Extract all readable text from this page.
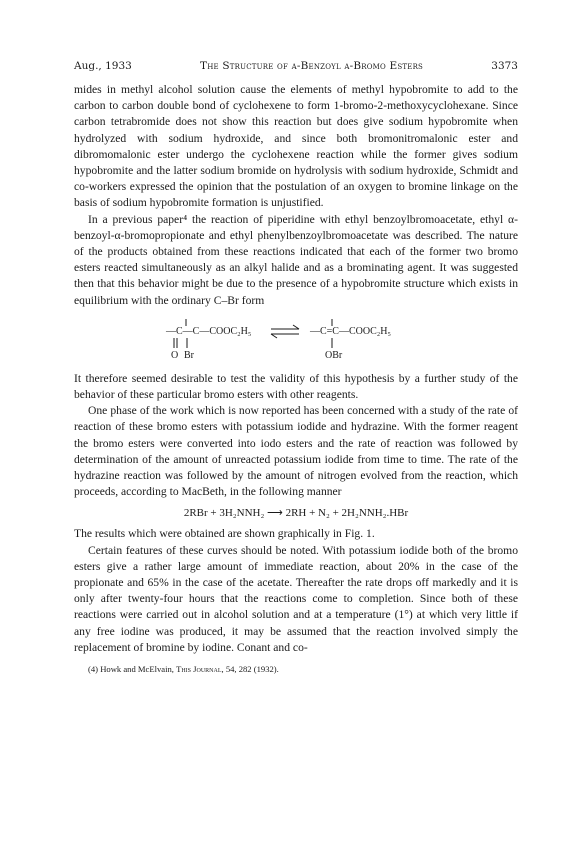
Aug., 1933	The Structure of α-Benzoyl α-Bromo Esters	3373

mides in methyl alcohol solution cause the elements of methyl hypobromite to add to the carbon to carbon double bond of cyclohexene to form 1-bromo-2-methoxycyclohexane. Since carbon tetrabromide does not show this reaction but does give sodium hypobromite when hydrolyzed with sodium hydroxide, and since both bromonitromalonic ester and dibromomalonic ester undergo the cyclohexene reaction while the former gives sodium hypobromite and the latter sodium bromide on hydrolysis with sodium hydroxide, Schmidt and co-workers expressed the opinion that the postulation of an oxygen to bromine linkage on the basis of sodium hypobromite formation is unjustified.

In a previous paper⁴ the reaction of piperidine with ethyl benzoylbromoacetate, ethyl α-benzoyl-α-bromopropionate and ethyl phenylbenzoylbromoacetate was described. The nature of the products obtained from these reactions indicated that each of the former two bromo esters reacted simultaneously as an alkyl halide and as a brominating agent. It was suggested then that this behavior might be due to the presence of a hypobromite structure which exists in equilibrium with the ordinary C–Br form

—C—C—COOC₂H₅
O Br
—C=C—COOC₂H₅
OBr

It therefore seemed desirable to test the validity of this hypothesis by a further study of the behavior of these particular bromo esters with other reagents.

One phase of the work which is now reported has been concerned with a study of the rate of reaction of these bromo esters with potassium iodide and hydrazine. With the former reagent the bromo esters were converted into iodo esters and the rate of reaction was followed by determination of the amount of unreacted potassium iodide from time to time. The rate of the hydrazine reaction was followed by the amount of nitrogen evolved from the reaction, which proceeds, according to MacBeth, in the following manner

2RBr + 3H₂NNH₂ ⟶ 2RH + N₂ + 2H₂NNH₂.HBr

The results which were obtained are shown graphically in Fig. 1.

Certain features of these curves should be noted. With potassium iodide both of the bromo esters give a rather large amount of immediate reaction, about 20% in the case of the propionate and 65% in the case of the acetate. Thereafter the rate drops off markedly and it is only after twenty-four hours that the reactions come to completion. Since both of these reactions were carried out in alcohol solution and at a temperature (1°) at which very little if any free iodine was produced, it may be assumed that the reaction involved simply the replacement of bromine by iodine. Conant and co-

(4) Howk and McElvain, This Journal, 54, 282 (1932).
